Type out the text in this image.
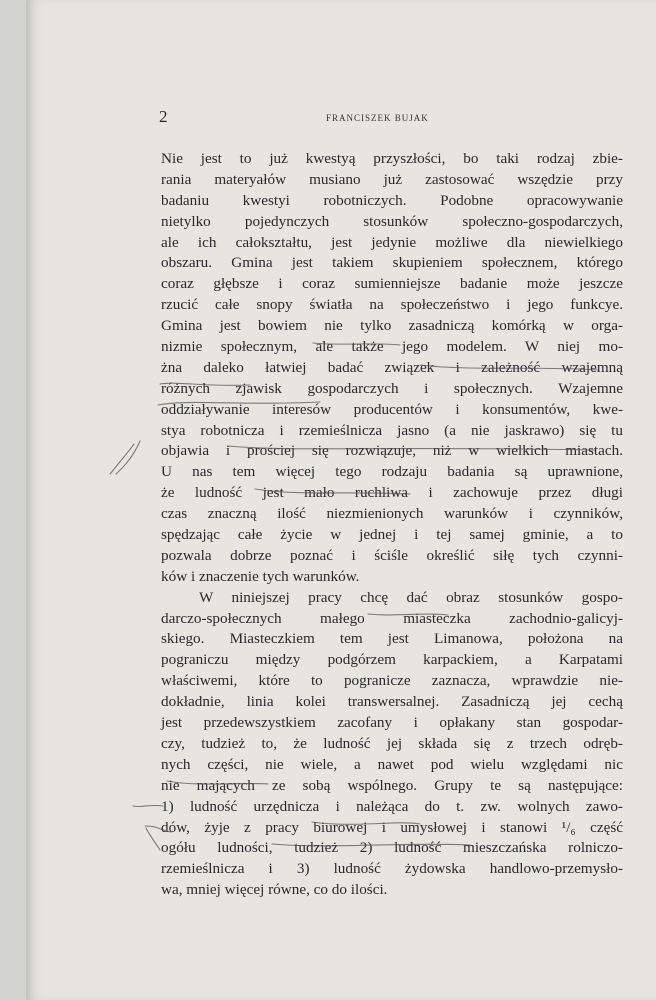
2	FRANCISZEK BUJAK
Nie jest to już kwestyą przyszłości, bo taki rodzaj zbie-
rania materyałów musiano już zastosować wszędzie przy
badaniu kwestyi robotniczych. Podobne opracowywanie
nietylko pojedynczych stosunków społeczno-gospodarczych,
ale ich całokształtu, jest jedynie możliwe dla niewielkiego
obszaru. Gmina jest takiem skupieniem społecznem, którego
coraz głębsze i coraz sumienniejsze badanie może jeszcze
rzucić całe snopy światła na społeczeństwo i jego funkcye.
Gmina jest bowiem nie tylko zasadniczą komórką w orga-
nizmie społecznym, ale także jego modelem. W niej mo-
żna daleko łatwiej badać związek i zależność wzajemną
różnych zjawisk gospodarczych i społecznych. Wzajemne
oddziaływanie interesów producentów i konsumentów, kwe-
stya robotnicza i rzemieślnicza jasno (a nie jaskrawo) się tu
objawia i prościej się rozwiązuje, niż w wielkich miastach.
U nas tem więcej tego rodzaju badania są uprawnione,
że ludność jest mało ruchliwa i zachowuje przez długi
czas znaczną ilość niezmienionych warunków i czynników,
spędzając całe życie w jednej i tej samej gminie, a to
pozwala dobrze poznać i ściśle określić siłę tych czynni-
ków i znaczenie tych warunków.
W niniejszej pracy chcę dać obraz stosunków gospo-
darczo-społecznych małego miasteczka zachodnio-galicyj-
skiego. Miasteczkiem tem jest Limanowa, położona na
pograniczu między podgórzem karpackiem, a Karpatami
właściwemi, które to pogranicze zaznacza, wprawdzie nie-
dokładnie, linia kolei transwersalnej. Zasadniczą jej cechą
jest przedewszystkiem zacofany i opłakany stan gospodar-
czy, tudzież to, że ludność jej składa się z trzech odręb-
nych części, nie wiele, a nawet pod wielu względami nic
nie mających ze sobą wspólnego. Grupy te są następujące:
1) ludność urzędnicza i należąca do t. zw. wolnych zawo-
dów, żyje z pracy biurowej i umysłowej i stanowi ¹/₆ część
ogółu ludności, tudzież 2) ludność mieszczańska rolniczo-
rzemieślnicza i 3) ludność żydowska handlowo-przemysło-
wa, mniej więcej równe, co do ilości.
